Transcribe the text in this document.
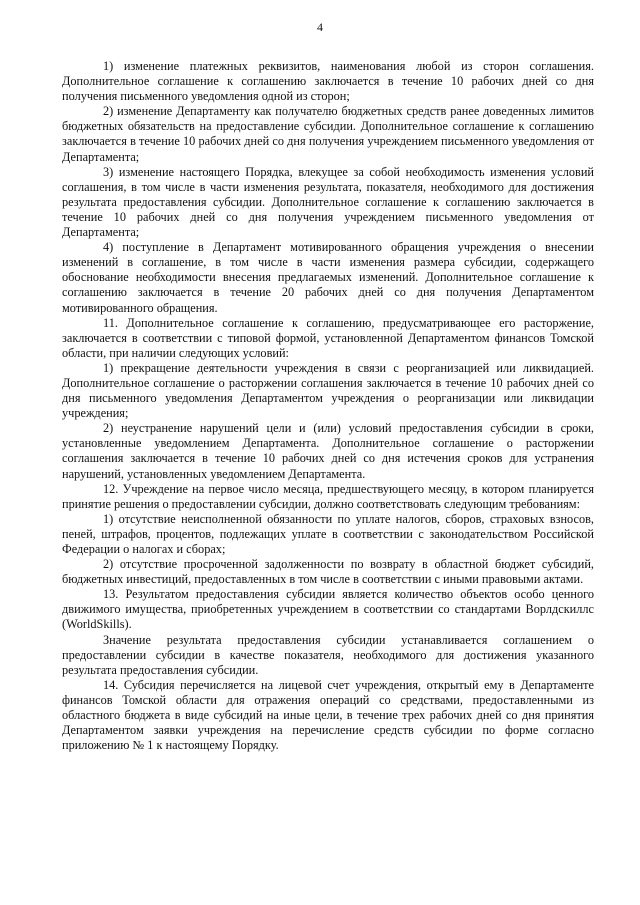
4

1) изменение платежных реквизитов, наименования любой из сторон соглашения. Дополнительное соглашение к соглашению заключается в течение 10 рабочих дней со дня получения письменного уведомления одной из сторон;

2) изменение Департаменту как получателю бюджетных средств ранее доведенных лимитов бюджетных обязательств на предоставление субсидии. Дополнительное соглашение к соглашению заключается в течение 10 рабочих дней со дня получения учреждением письменного уведомления от Департамента;

3) изменение настоящего Порядка, влекущее за собой необходимость изменения условий соглашения, в том числе в части изменения результата, показателя, необходимого для достижения результата предоставления субсидии. Дополнительное соглашение к соглашению заключается в течение 10 рабочих дней со дня получения учреждением письменного уведомления от Департамента;

4) поступление в Департамент мотивированного обращения учреждения о внесении изменений в соглашение, в том числе в части изменения размера субсидии, содержащего обоснование необходимости внесения предлагаемых изменений. Дополнительное соглашение к соглашению заключается в течение 20 рабочих дней со дня получения Департаментом мотивированного обращения.

11. Дополнительное соглашение к соглашению, предусматривающее его расторжение, заключается в соответствии с типовой формой, установленной Департаментом финансов Томской области, при наличии следующих условий:

1) прекращение деятельности учреждения в связи с реорганизацией или ликвидацией. Дополнительное соглашение о расторжении соглашения заключается в течение 10 рабочих дней со дня письменного уведомления Департаментом учреждения о реорганизации или ликвидации учреждения;

2) неустранение нарушений цели и (или) условий предоставления субсидии в сроки, установленные уведомлением Департамента. Дополнительное соглашение о расторжении соглашения заключается в течение 10 рабочих дней со дня истечения сроков для устранения нарушений, установленных уведомлением Департамента.

12. Учреждение на первое число месяца, предшествующего месяцу, в котором планируется принятие решения о предоставлении субсидии, должно соответствовать следующим требованиям:

1) отсутствие неисполненной обязанности по уплате налогов, сборов, страховых взносов, пеней, штрафов, процентов, подлежащих уплате в соответствии с законодательством Российской Федерации о налогах и сборах;

2) отсутствие просроченной задолженности по возврату в областной бюджет субсидий, бюджетных инвестиций, предоставленных в том числе в соответствии с иными правовыми актами.

13. Результатом предоставления субсидии является количество объектов особо ценного движимого имущества, приобретенных учреждением в соответствии со стандартами Ворлдскиллс (WorldSkills).

Значение результата предоставления субсидии устанавливается соглашением о предоставлении субсидии в качестве показателя, необходимого для достижения указанного результата предоставления субсидии.

14. Субсидия перечисляется на лицевой счет учреждения, открытый ему в Департаменте финансов Томской области для отражения операций со средствами, предоставленными из областного бюджета в виде субсидий на иные цели, в течение трех рабочих дней со дня принятия Департаментом заявки учреждения на перечисление средств субсидии по форме согласно приложению № 1 к настоящему Порядку.
